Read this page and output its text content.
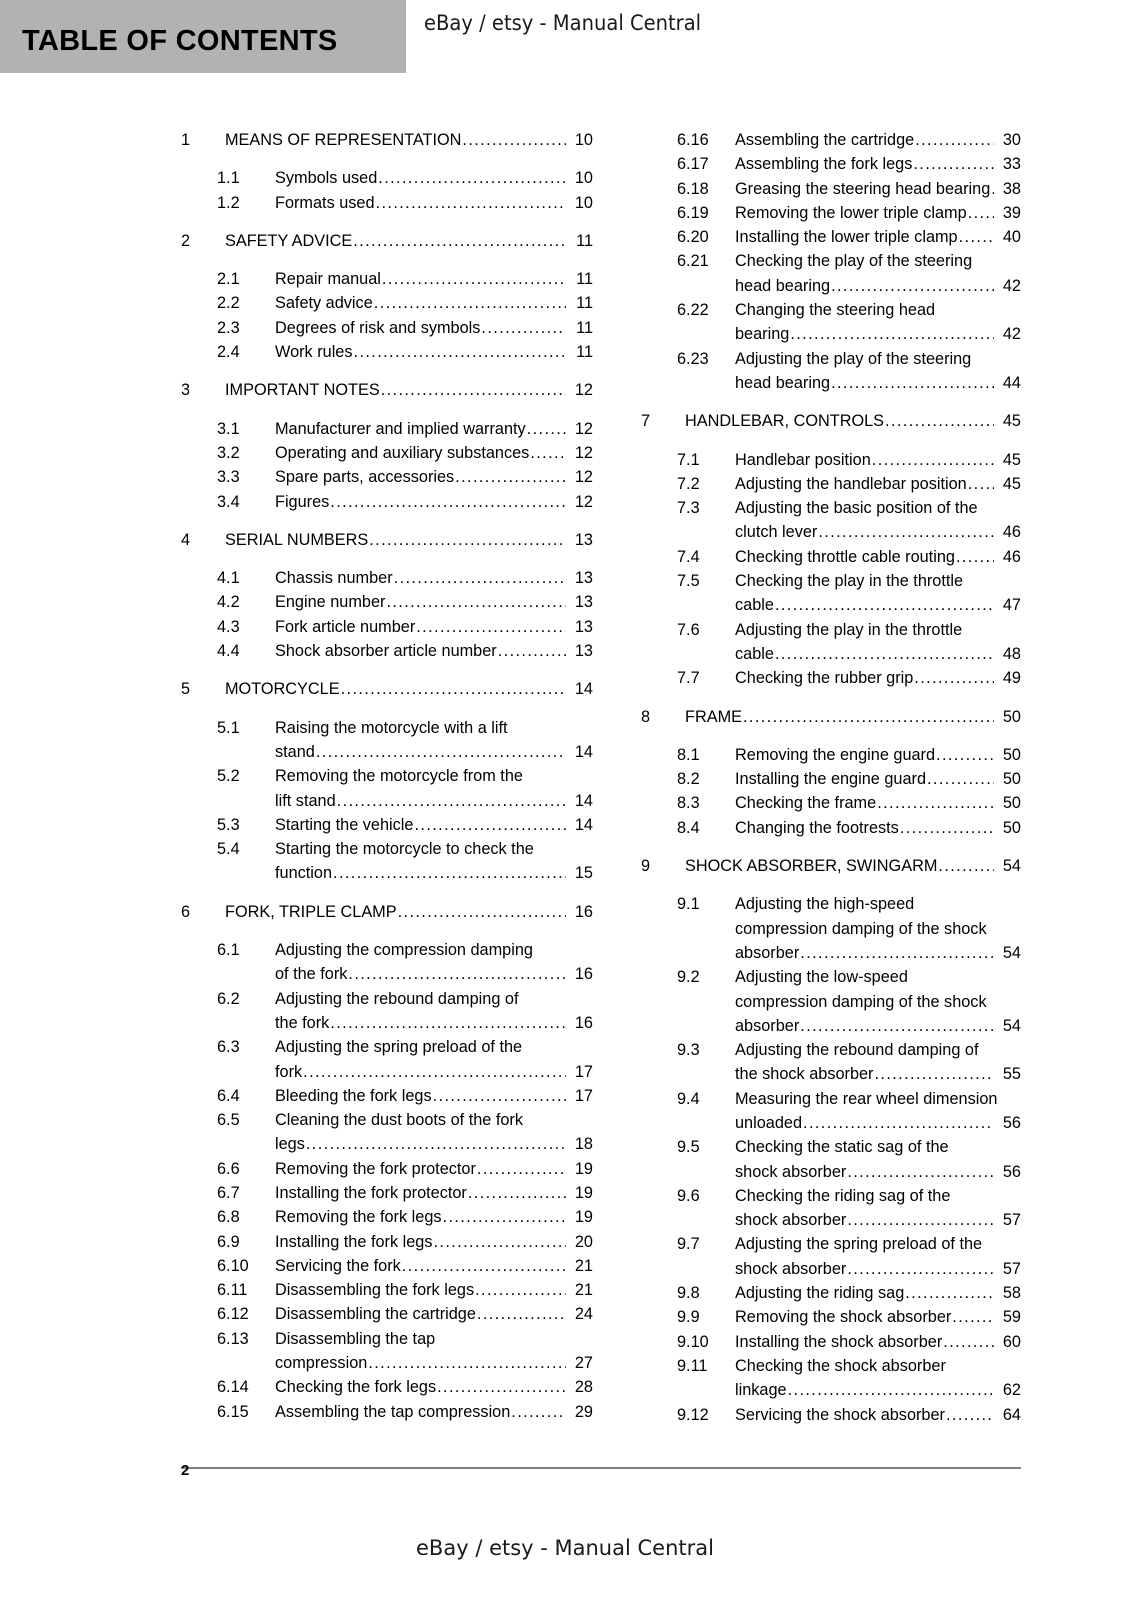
TABLE OF CONTENTS
eBay / etsy - Manual Central
1	MEANS OF REPRESENTATION .....	10
1.1	Symbols used .....	10
1.2	Formats used .....	10
2	SAFETY ADVICE .....	11
2.1	Repair manual .....	11
2.2	Safety advice .....	11
2.3	Degrees of risk and symbols .....	11
2.4	Work rules .....	11
3	IMPORTANT NOTES .....	12
3.1	Manufacturer and implied warranty .....	12
3.2	Operating and auxiliary substances .....	12
3.3	Spare parts, accessories .....	12
3.4	Figures .....	12
4	SERIAL NUMBERS .....	13
4.1	Chassis number .....	13
4.2	Engine number .....	13
4.3	Fork article number .....	13
4.4	Shock absorber article number .....	13
5	MOTORCYCLE .....	14
5.1	Raising the motorcycle with a lift
stand .....	14
5.2	Removing the motorcycle from the
lift stand .....	14
5.3	Starting the vehicle .....	14
5.4	Starting the motorcycle to check the
function .....	15
6	FORK, TRIPLE CLAMP .....	16
6.1	Adjusting the compression damping
of the fork .....	16
6.2	Adjusting the rebound damping of
the fork .....	16
6.3	Adjusting the spring preload of the
fork .....	17
6.4	Bleeding the fork legs .....	17
6.5	Cleaning the dust boots of the fork
legs .....	18
6.6	Removing the fork protector .....	19
6.7	Installing the fork protector .....	19
6.8	Removing the fork legs .....	19
6.9	Installing the fork legs .....	20
6.10	Servicing the fork .....	21
6.11	Disassembling the fork legs .....	21
6.12	Disassembling the cartridge .....	24
6.13	Disassembling the tap
compression .....	27
6.14	Checking the fork legs .....	28
6.15	Assembling the tap compression .....	29
6.16	Assembling the cartridge .....	30
6.17	Assembling the fork legs .....	33
6.18	Greasing the steering head bearing ..... 38
6.19	Removing the lower triple clamp .....	39
6.20	Installing the lower triple clamp .....	40
6.21	Checking the play of the steering
head bearing .....	42
6.22	Changing the steering head
bearing .....	42
6.23	Adjusting the play of the steering
head bearing .....	44
7	HANDLEBAR, CONTROLS .....	45
7.1	Handlebar position .....	45
7.2	Adjusting the handlebar position .....	45
7.3	Adjusting the basic position of the
clutch lever .....	46
7.4	Checking throttle cable routing .....	46
7.5	Checking the play in the throttle
cable .....	47
7.6	Adjusting the play in the throttle
cable .....	48
7.7	Checking the rubber grip .....	49
8	FRAME .....	50
8.1	Removing the engine guard .....	50
8.2	Installing the engine guard .....	50
8.3	Checking the frame .....	50
8.4	Changing the footrests .....	50
9	SHOCK ABSORBER, SWINGARM .....	54
9.1	Adjusting the high-speed
compression damping of the shock
absorber .....	54
9.2	Adjusting the low-speed
compression damping of the shock
absorber .....	54
9.3	Adjusting the rebound damping of
the shock absorber .....	55
9.4	Measuring the rear wheel dimension
unloaded .....	56
9.5	Checking the static sag of the
shock absorber .....	56
9.6	Checking the riding sag of the
shock absorber .....	57
9.7	Adjusting the spring preload of the
shock absorber .....	57
9.8	Adjusting the riding sag .....	58
9.9	Removing the shock absorber .....	59
9.10	Installing the shock absorber .....	60
9.11	Checking the shock absorber
linkage .....	62
9.12	Servicing the shock absorber .....	64
2
eBay / etsy - Manual Central
